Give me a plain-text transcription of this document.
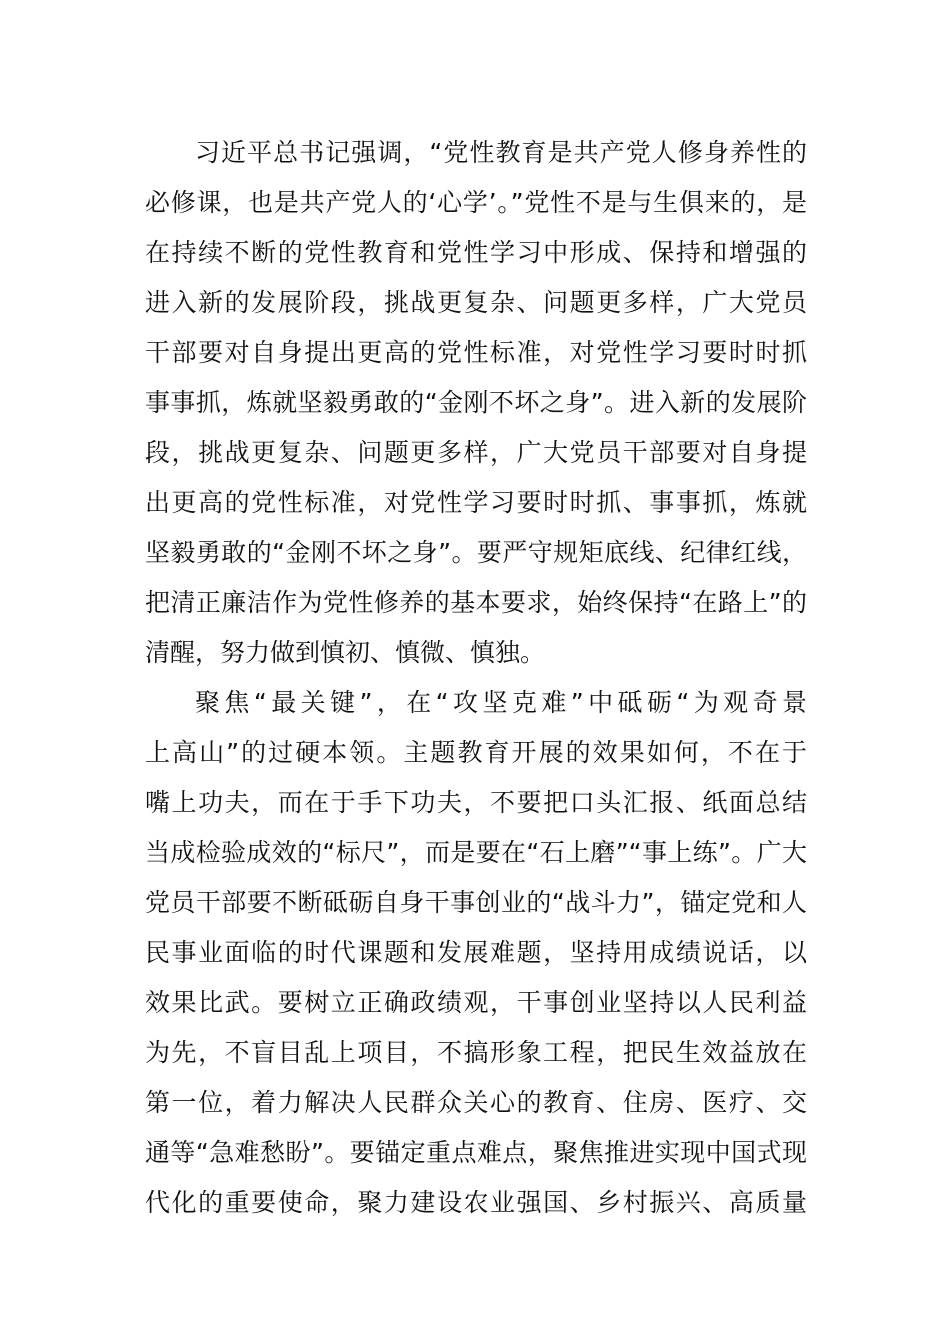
习近平总书记强调，“党性教育是共产党人修身养性的
必修课，也是共产党人的‘心学’。”党性不是与生俱来的，是
在持续不断的党性教育和党性学习中形成、保持和增强的
进入新的发展阶段，挑战更复杂、问题更多样，广大党员
干部要对自身提出更高的党性标准，对党性学习要时时抓
事事抓，炼就坚毅勇敢的“金刚不坏之身”。进入新的发展阶
段，挑战更复杂、问题更多样，广大党员干部要对自身提
出更高的党性标准，对党性学习要时时抓、事事抓，炼就
坚毅勇敢的“金刚不坏之身”。要严守规矩底线、纪律红线，
把清正廉洁作为党性修养的基本要求，始终保持“在路上”的
清醒，努力做到慎初、慎微、慎独。
聚焦“最关键”，在“攻坚克难”中砥砺“为观奇景
上高山”的过硬本领。主题教育开展的效果如何，不在于
嘴上功夫，而在于手下功夫，不要把口头汇报、纸面总结
当成检验成效的“标尺”，而是要在“石上磨”“事上练”。广大
党员干部要不断砥砺自身干事创业的“战斗力”，锚定党和人
民事业面临的时代课题和发展难题，坚持用成绩说话，以
效果比武。要树立正确政绩观，干事创业坚持以人民利益
为先，不盲目乱上项目，不搞形象工程，把民生效益放在
第一位，着力解决人民群众关心的教育、住房、医疗、交
通等“急难愁盼”。要锚定重点难点，聚焦推进实现中国式现
代化的重要使命，聚力建设农业强国、乡村振兴、高质量
